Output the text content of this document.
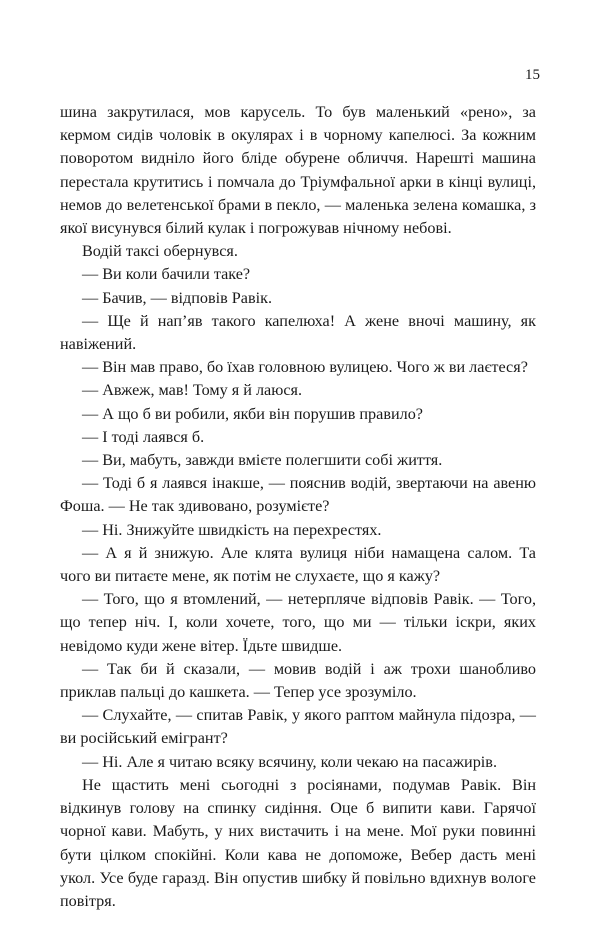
15

шина закрутилася, мов карусель. То був маленький «рено», за кермом сидів чоловік в окулярах і в чорному капелюсі. За кожним поворотом видніло його бліде обурене обличчя. Нарешті машина перестала крутитись і помчала до Тріумфальної арки в кінці вулиці, немов до велетенської брами в пекло, — маленька зелена комашка, з якої висунувся білий кулак і погрожував нічному небові.

Водій таксі обернувся.

— Ви коли бачили таке?

— Бачив, — відповів Равік.

— Ще й нап’яв такого капелюха! А жене вночі машину, як навіжений.

— Він мав право, бо їхав головною вулицею. Чого ж ви лаєтеся?

— Авжеж, мав! Тому я й лаюся.

— А що б ви робили, якби він порушив правило?

— І тоді лаявся б.

— Ви, мабуть, завжди вмієте полегшити собі життя.

— Тоді б я лаявся інакше, — пояснив водій, звертаючи на авеню Фоша. — Не так здивовано, розумієте?

— Ні. Знижуйте швидкість на перехрестях.

— А я й знижую. Але клята вулиця ніби намащена салом. Та чого ви питаєте мене, як потім не слухаєте, що я кажу?

— Того, що я втомлений, — нетерпляче відповів Равік. — Того, що тепер ніч. І, коли хочете, того, що ми — тільки іскри, яких невідомо куди жене вітер. Їдьте швидше.

— Так би й сказали, — мовив водій і аж трохи шанобливо приклав пальці до кашкета. — Тепер усе зрозуміло.

— Слухайте, — спитав Равік, у якого раптом майнула підозра, — ви російський емігрант?

— Ні. Але я читаю всяку всячину, коли чекаю на пасажирів.

Не щастить мені сьогодні з росіянами, подумав Равік. Він відкинув голову на спинку сидіння. Оце б випити кави. Гарячої чорної кави. Мабуть, у них вистачить і на мене. Мої руки повинні бути цілком спокійні. Коли кава не допоможе, Вебер дасть мені укол. Усе буде гаразд. Він опустив шибку й повільно вдихнув вологе повітря.
